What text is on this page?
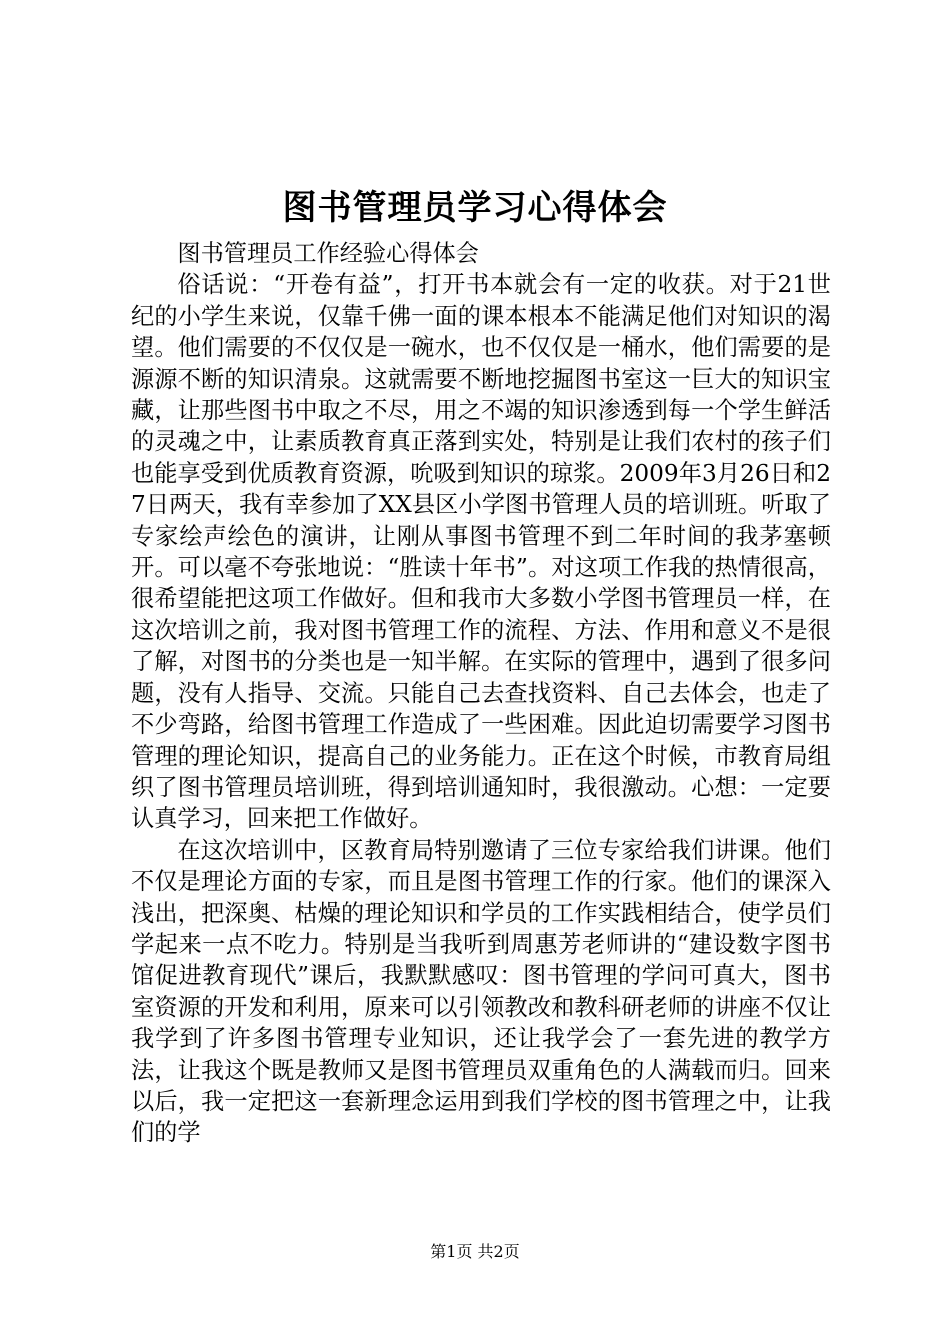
图书管理员学习心得体会

图书管理员工作经验心得体会

俗话说：“开卷有益”，打开书本就会有一定的收获。对于21世纪的小学生来说，仅靠千佛一面的课本根本不能满足他们对知识的渴望。他们需要的不仅仅是一碗水，也不仅仅是一桶水，他们需要的是源源不断的知识清泉。这就需要不断地挖掘图书室这一巨大的知识宝藏，让那些图书中取之不尽，用之不竭的知识渗透到每一个学生鲜活的灵魂之中，让素质教育真正落到实处，特别是让我们农村的孩子们也能享受到优质教育资源，吮吸到知识的琼浆。2009年3月26日和27日两天，我有幸参加了XX县区小学图书管理人员的培训班。听取了专家绘声绘色的演讲，让刚从事图书管理不到二年时间的我茅塞顿开。可以毫不夸张地说：“胜读十年书”。对这项工作我的热情很高，很希望能把这项工作做好。但和我市大多数小学图书管理员一样，在这次培训之前，我对图书管理工作的流程、方法、作用和意义不是很了解，对图书的分类也是一知半解。在实际的管理中，遇到了很多问题，没有人指导、交流。只能自己去查找资料、自己去体会，也走了不少弯路，给图书管理工作造成了一些困难。因此迫切需要学习图书管理的理论知识，提高自己的业务能力。正在这个时候，市教育局组织了图书管理员培训班，得到培训通知时，我很激动。心想：一定要认真学习，回来把工作做好。

在这次培训中，区教育局特别邀请了三位专家给我们讲课。他们不仅是理论方面的专家，而且是图书管理工作的行家。他们的课深入浅出，把深奥、枯燥的理论知识和学员的工作实践相结合，使学员们学起来一点不吃力。特别是当我听到周惠芳老师讲的“建设数字图书馆促进教育现代”课后，我默默感叹：图书管理的学问可真大，图书室资源的开发和利用，原来可以引领教改和教科研老师的讲座不仅让我学到了许多图书管理专业知识，还让我学会了一套先进的教学方法，让我这个既是教师又是图书管理员双重角色的人满载而归。回来以后，我一定把这一套新理念运用到我们学校的图书管理之中，让我们的学

第1页 共2页
